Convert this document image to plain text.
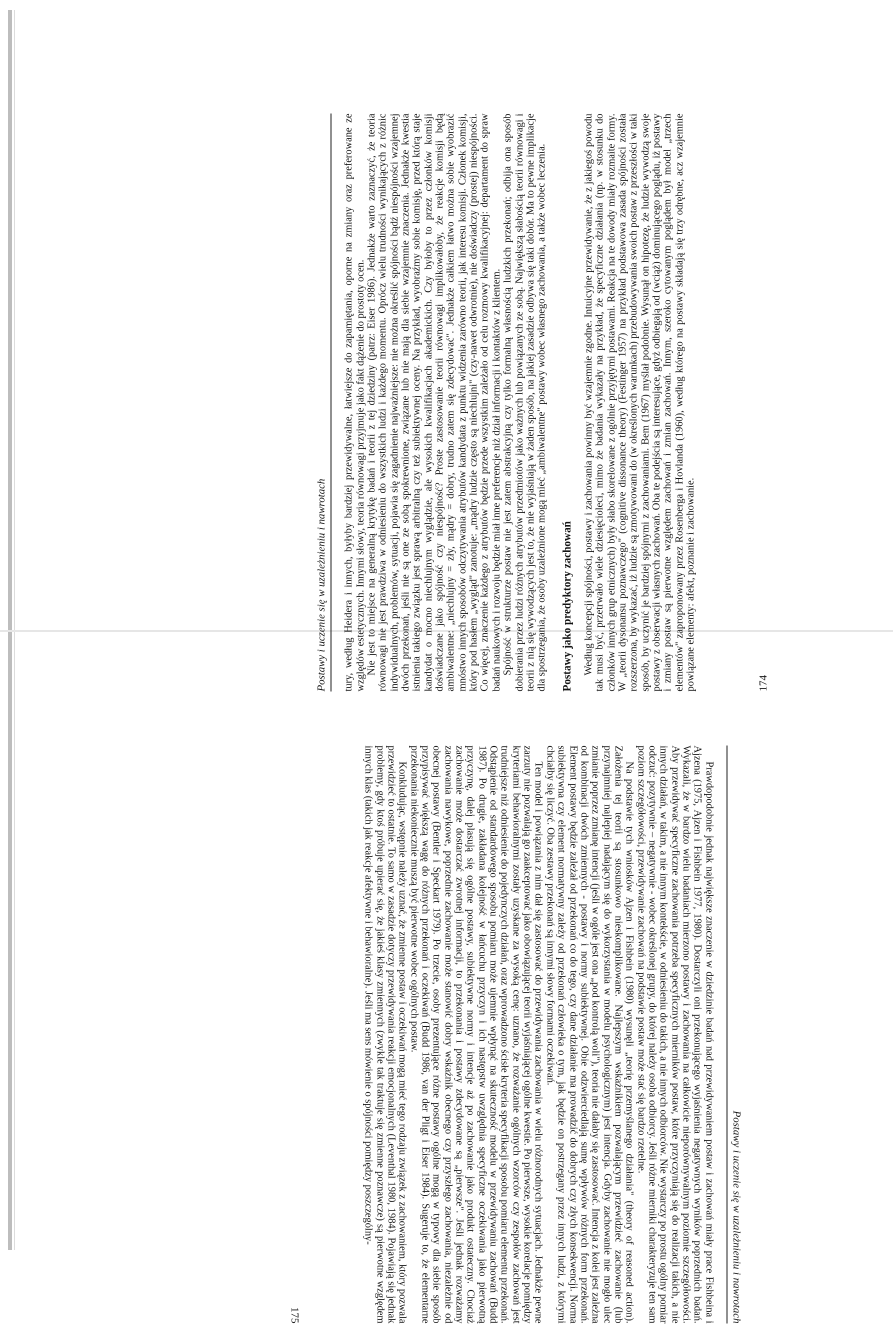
Postawy i uczenie się w uzależnieniu i nawrotach	tury, według Heidera i innych, byłyby bardziej przewidywalne, łatwiejsze do zapamiętania, oporne na zmiany oraz preferowane ze względów estetycznych. Innymi słowy, teoria równowagi przyjmuje jako fakt dążenie do prostoty ocen. Nie jest to miejsce na generalną krytykę badań i teorii z tej dziedziny (patrz: Eiser 1986). Jednakże warto zaznaczyć, że teoria równowagi nie jest prawdziwa w odniesieniu do wszystkich ludzi i każdego momentu. Oprócz wielu trudności wynikających z różnic indywidualnych, problemów, sytuacji, pojawia się zagadnienie najważniejsze: nie można określić spójności bądź niespójności wzajemnej dwóch przekonań, jeśli nie są one ze sobą spokrewnione, związane lub nie mają dla siebie wzajemnie znaczenia. Jednakże kwestia istnienia takiego związku jest sprawą arbitralną czy też subiektywnej oceny. Na przykład, wyobraźmy sobie komisję, przed którą staje kandydat o mocno niechlujnym wyglądzie, ale wysokich kwalifikacjach akademickich. Czy byłoby to przez członków komisji doświadczane jako spójność czy niespójność? Proste zastosowanie teorii równowagi implikowałoby, że reakcje komisji będą ambiwalentne: „niechlujny = zły, mądry = dobry, trudno zatem się zdecydować". Jednakże całkiem łatwo można sobie wyobrazić mnóstwo innych sposobów odczytywania atrybutów kandydata z punktu widzenia zarówno teorii, jak interesu komisji. Członek komisji, który pod hasłem „wygląd" zanotuje: „mądry ludzie często są niechlujni" (czy-nawet odwrotnie), nie doświadczy (prostej) niespójności. Co więcej, znaczenie każdego z atrybutów będzie przede wszystkim zależało od celu rozmowy kwalifikacyjnej: departament do spraw badań naukowych i rozwoju będzie miał inne preferencje niż dział informacji i kontaktów z klientem. Spójność w strukturze postaw nie jest zatem abstrakcyjną czy tylko formalną własnością ludzkich przekonań; odbija ona sposób dobierania przez ludzi różnych atrybutów przedmiotów jako ważnych lub powiązanych ze sobą. Największą słabością teorii równowagi i teorii z nią się wywodzących jest to, że nie wyjaśniają w żaden sposób, na jakiej zasadzie odbywa się taki dobór. Ma to pewne implikacje dla spostrzegania, że osoby uzależnione mogą mieć „ambiwalentne" postawy wobec własnego zachowania, a także wobec leczenia. Postawy jako predyktory zachowań Według koncepcji spójności, postawy i zachowania powinny być wzajemnie zgodne. Intuicyjne przewidywanie, że z jakiegoś powodu tak musi być, przetrwało wiele dziesięcioleci, mimo że badania wykazały na przykład, że specyficzne działania (np. w stosunku do członków innych grup etnicznych) były słabo skorelowane z ogólnie przyjętymi postawami. Reakcja na te dowody miały rozmaite formy. W „teorii dysonansu poznawczego" (cognitive dissonance theory) (Festinger 1957) na przykład podstawowa zasada spójności została rozszerzona, by wykazać, iż ludzie są zmotywowani do (w określonych warunkach) przebudowywania swoich postaw z przeszłości w taki sposób, by uczynić je bardziej spójnymi z zachowaniami. Bem (1967) myślał podobnie. Wysunął on hipotezę, że ludzie wywodzą swoje postawy z obserwacji własnych zachowań. Oba te podejścia są interesujące, gdyż odbiegają od (wciąż) dominującego poglądu, iż postawy i zmiany postaw są pierwotne względem zachowań i zmian zachowań. Innym, szeroko cytowanym poglądem był model „trzech elementów" zaproponowany przez Rosenberga i Hovlanda (1960), według którego na postawy składają się trzy odrębne, acz wzajemnie powiązane elementy: afekt, poznanie i zachowanie.	174
Postawy i uczenie się w uzależnieniu i nawrotach

Prawdopodobnie jednak największe znaczenie w dziedzinie badań nad przewidywaniem postaw i zachowań miały prace Fishbeina i Ajzena (1975, Ajzen i Fishbein 1977, 1980). Dostarczyli oni przekonującego wyjaśnienia negatywnych wyników poprzednich badań. Wykazali, że w bardzo wielu badaniach mierzono postawy i zachowania na całkowicie nieporównywalnym poziomie szczegółowości. Aby przewidywać specyficzne zachowania potrzeba specyficznych mierników postaw, które przyczyniają się do realizacji takich, a nie innych działań, w takim, a nie innym kontekście, w odniesieniu do takich, a nie innych odbiorców. Nie wystarczy po prostu ogólny pomiar odczuć: pozytywnie – negatywnie - wobec określonej grupy, do której należy osoba odbiorcy. Jeśli różne mierniki charakteryzuje ten sam poziom szczegółowości, przewidywanie zachowań na podstawie postaw może stać się bardzo rzetelne.

Na podstawie tych wniosków Ajzen i Fishbein (1980) wysunęli „teorię przemyślanego działania" (theory of reasoned action). Założenia tej teorii są stosunkowo nieskomplikowane. Najlepszym wskaźnikiem pozwalającym przewidzieć zachowanie (lub przynajmniej najlepiej nadającym się do wykorzystania w modelu psychologicznym) jest intencja. Gdyby zachowanie nie mogło ulec zmianie poprzez zmianę intencji (jeśli w ogóle jest ona „pod kontrolą woli"), teoria nie dałaby się zastosować. Intencja z kolei jest zależna od kombinacji dwóch zmiennych - postawy i normy subiektywnej. Obie odzwierciedlają sumę wpływów różnych form przekonań. Element postawy będzie zależał od przekonań co do tego, czy dane działanie ma prowadzić do dobrych czy złych konsekwencji. Norma subiektywna czy element normatywny zależy od przekonań człowieka o tym, jak będzie on postrzegany przez innych ludzi, z którymi chciałby się liczyć. Oba zestawy przekonań są innymi słowy formami oczekiwań.

Ten model i powiązania z nim dał się zastosować do przewidywania zachowania w wielu różnorodnych sytuacjach. Jednakże pewne zarzuty nie pozwalają go zaakceptować jako obowiązującej teorii wyjaśniającej ogólne kwestie. Po pierwsze, wysokie korelacje pomiędzy kryteriami behawioralnymi zostały uzyskane za wysoką cenę: uznano, że rozważanie ogólnych wzorców czy zespołów zachowań jest trudniejsze niż odniesienie do pojedynczych działań, oraz wprowadzono ścisłe kryteria specyfikacji sposobu pomiaru elementu przekonań. Odstąpienie od standardowego sposobu pomiaru może ujemnie wpłynąć na skuteczność modelu w przewidywaniu zachowań (Budd 1987). Po drugie, zakładana kolejność w łańcuchu przyczyn i ich następstw uwzględnia specyficzne oczekiwania jako pierwotną przyczynę, dalej plasują się ogólne postawy, subiektywne normy i intencje aż po zachowanie jako produkt ostateczny. Chociaż zachowanie może dostarczać zwrotnej informacji, to przekonania i postawy zdecydowane są „pierwsze". Jeśli jednak rozważamy zachowania nawykowe, poprzednie zachowanie może stanowić dobry wskaźnik obecnego czy przyszłego zachowania, niezależnie od obecnej postawy (Bentler i Speckart 1979). Po trzecie, osoby prezentujące różne postawy ogólne mogą w typowy dla siebie sposób przypisywać większą wagę do różnych przekonań i oczekiwań (Budd 1986, van der Pligt i Eiser 1984). Sugeruje to, że elementarne przekonania niekoniecznie muszą być pierwotne wobec ogólnych postaw.

Konkludując, wstępnie należy uznać, że zmienne postaw i oczekiwań mogą mieć tego rodzaju związek z zachowaniem, który pozwala przewidzieć to ostatnie. To samo w zasadzie dotyczy przewidywania reakcji emocjonalnych (Leventhal 1980, 1984). Pojawiają się jednak problemy, gdy ktoś próbuje upierać się, że jakieś klasy zmiennych (zwykle tak traktuje się zmienne poznawcze) są pierwotne względem innych klas (takich jak reakcje afektywne i behawioralne). Jeśli ma sens mówienie o spójności pomiędzy poszczególny-

175
